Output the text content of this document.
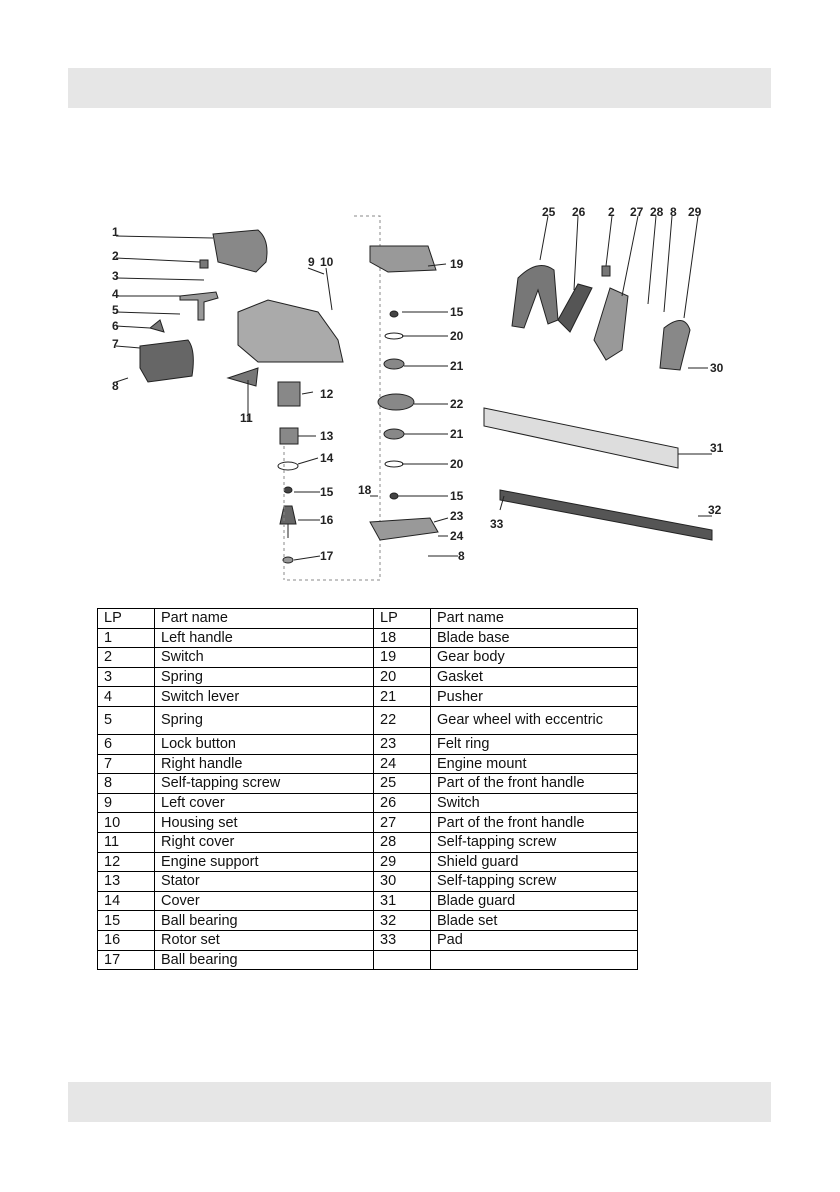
1
2
3
4
5
6
7
8
9 10
11
12
13
14
15
16
17
19
15
20
21
22
21
20
18	15
23
24
8
25 26 2 27 28 8 29
30
31
32
33
LP	Part name	LP	Part name
1	Left handle	18	Blade base
2	Switch	19	Gear body
3	Spring	20	Gasket
4	Switch lever	21	Pusher
5	Spring	22	Gear wheel with eccentric
6	Lock button	23	Felt ring
7	Right handle	24	Engine mount
8	Self-tapping screw	25	Part of the front handle
9	Left cover	26	Switch
10	Housing set	27	Part of the front handle
11	Right cover	28	Self-tapping screw
12	Engine support	29	Shield guard
13	Stator	30	Self-tapping screw
14	Cover	31	Blade guard
15	Ball bearing	32	Blade set
16	Rotor set	33	Pad
17	Ball bearing		
